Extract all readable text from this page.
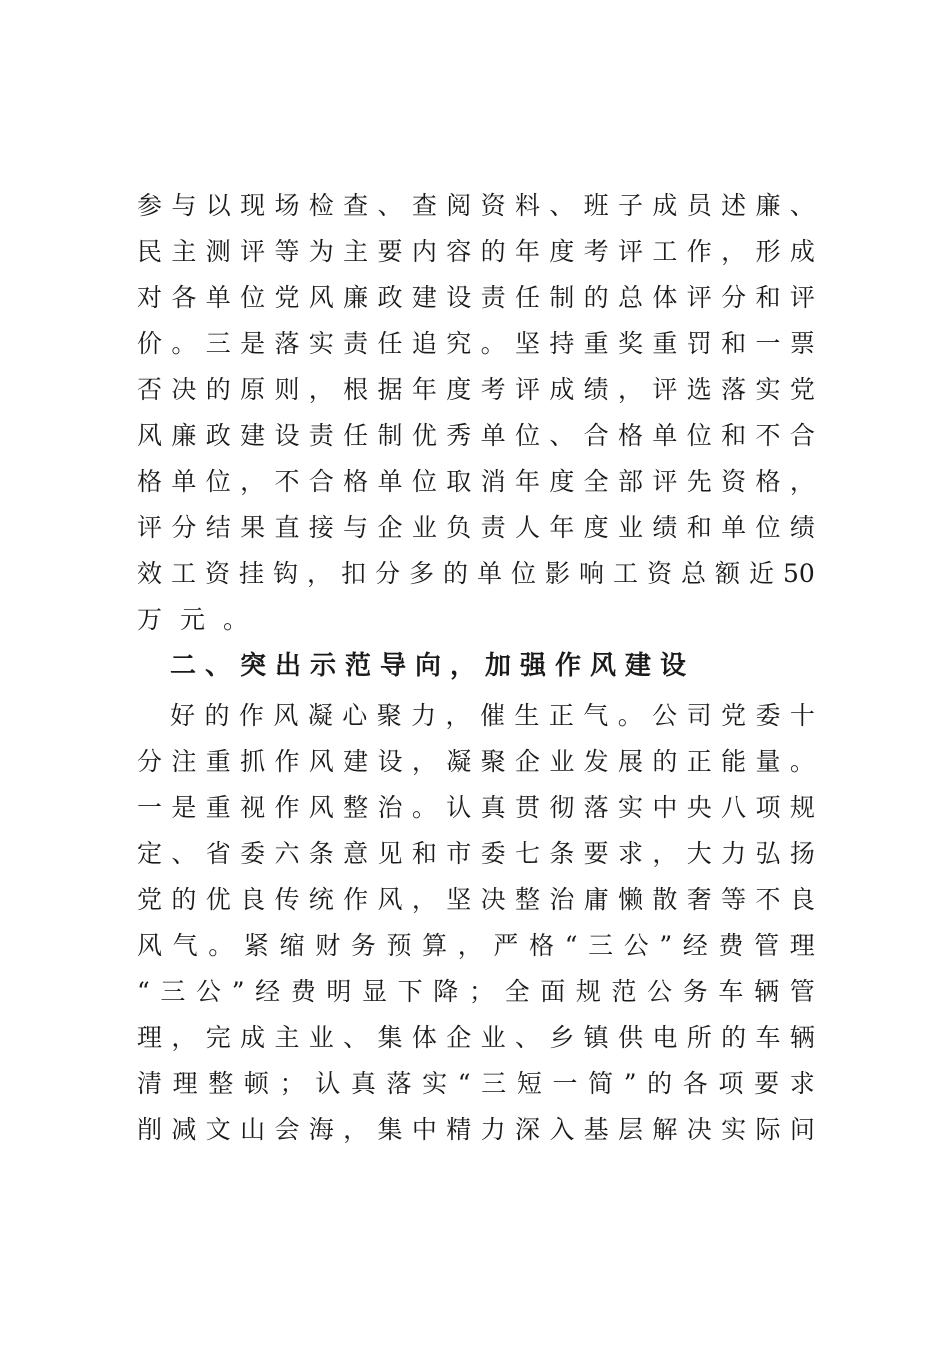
参 与 以 现 场 检 查 、 查 阅 资 料 、 班 子 成 员 述 廉 、
民 主 测 评 等 为 主 要 内 容 的 年 度 考 评 工 作 ， 形 成
对 各 单 位 党 风 廉 政 建 设 责 任 制 的 总 体 评 分 和 评
价 。 三 是 落 实 责 任 追 究 。 坚 持 重 奖 重 罚 和 一 票
否 决 的 原 则 ， 根 据 年 度 考 评 成 绩 ， 评 选 落 实 党
风 廉 政 建 设 责 任 制 优 秀 单 位 、 合 格 单 位 和 不 合
格 单 位 ， 不 合 格 单 位 取 消 年 度 全 部 评 先 资 格 ，
评 分 结 果 直 接 与 企 业 负 责 人 年 度 业 绩 和 单 位 绩
效 工 资 挂 钩 ， 扣 分 多 的 单 位 影 响 工 资 总 额 近 50
万元。
二、突出示范导向，加强作风建设
好 的 作 风 凝 心 聚 力 ， 催 生 正 气 。 公 司 党 委 十
分 注 重 抓 作 风 建 设 ， 凝 聚 企 业 发 展 的 正 能 量 。
一 是 重 视 作 风 整 治 。 认 真 贯 彻 落 实 中 央 八 项 规
定 、 省 委 六 条 意 见 和 市 委 七 条 要 求 ， 大 力 弘 扬
党 的 优 良 传 统 作 风 ， 坚 决 整 治 庸 懒 散 奢 等 不 良
风 气 。 紧 缩 财 务 预 算 ， 严 格 “ 三 公 ” 经 费 管 理
“ 三 公 ” 经 费 明 显 下 降 ； 全 面 规 范 公 务 车 辆 管
理 ， 完 成 主 业 、 集 体 企 业 、 乡 镇 供 电 所 的 车 辆
清 理 整 顿 ； 认 真 落 实 “ 三 短 一 简 ” 的 各 项 要 求
削 减 文 山 会 海 ， 集 中 精 力 深 入 基 层 解 决 实 际 问
